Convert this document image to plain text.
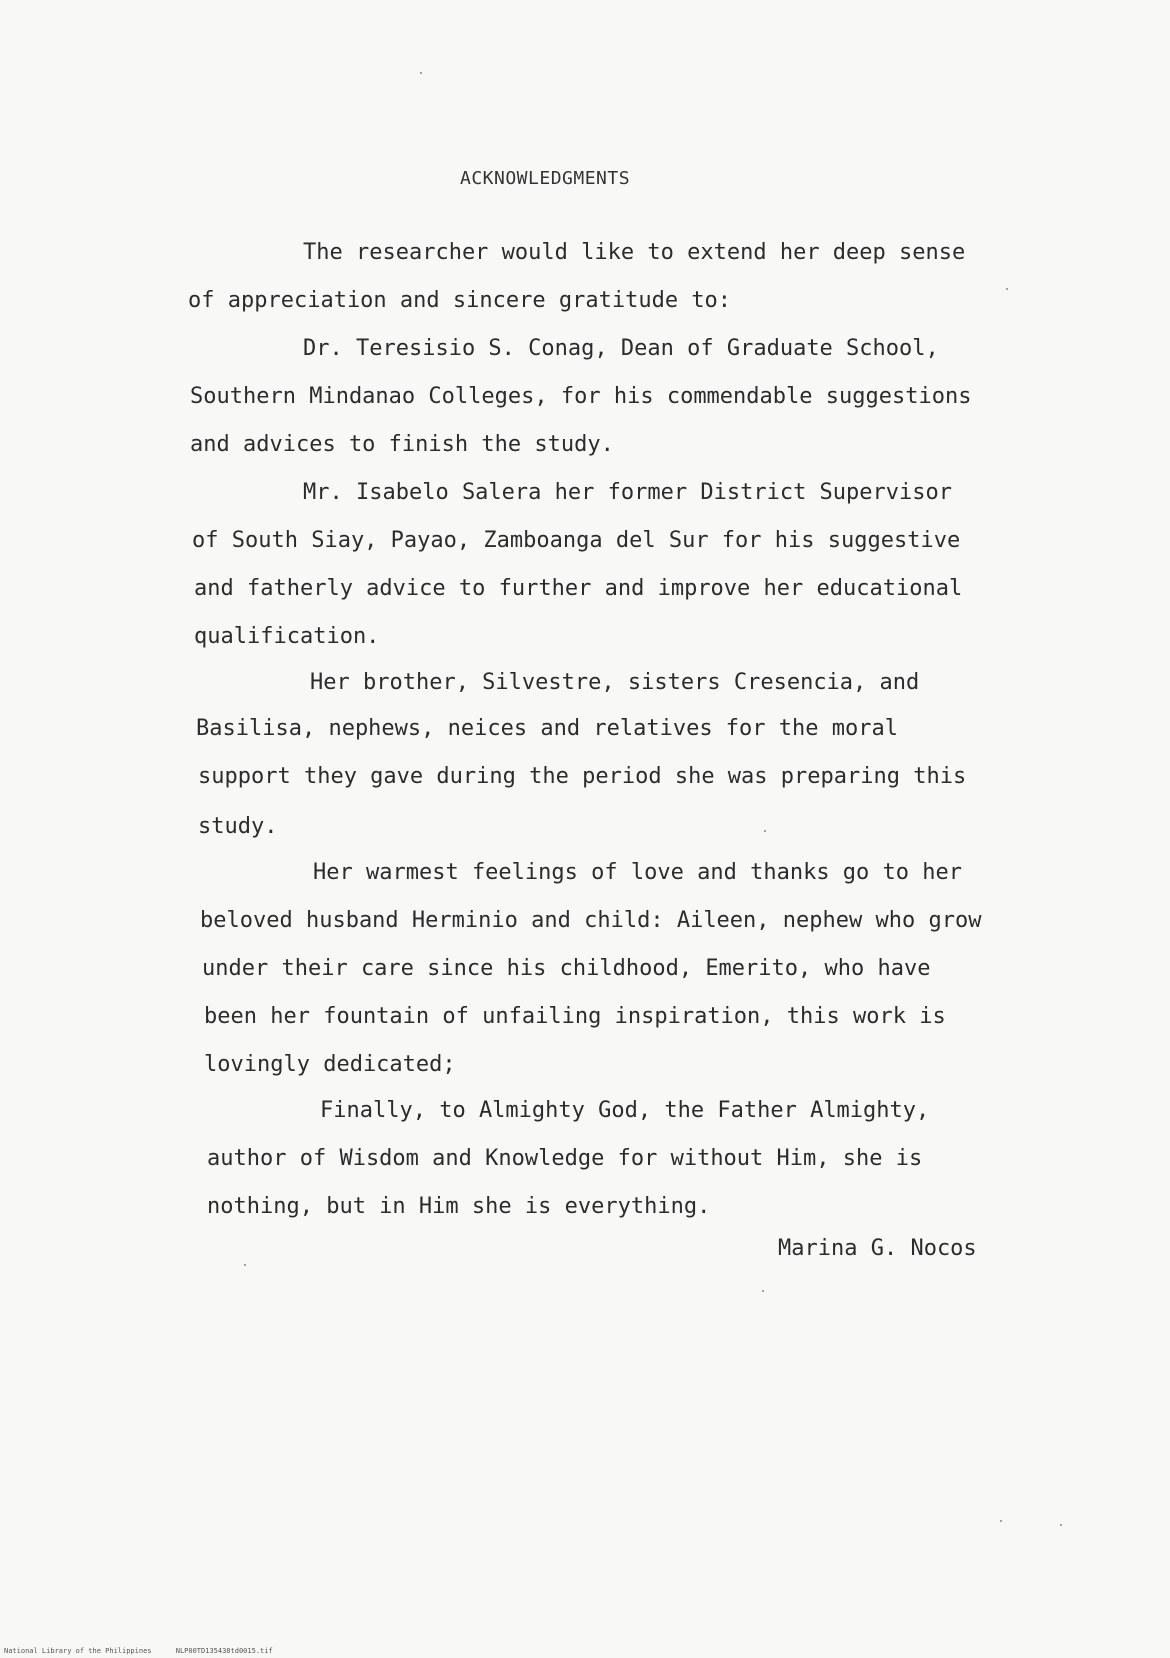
ACKNOWLEDGMENTS
The researcher would like to extend her deep sense
of appreciation and sincere gratitude to:
Dr. Teresisio S. Conag, Dean of Graduate School,
Southern Mindanao Colleges, for his commendable suggestions
and advices to finish the study.
Mr. Isabelo Salera her former District Supervisor
of South Siay, Payao, Zamboanga del Sur for his suggestive
and fatherly advice to further and improve her educational
qualification.
Her brother, Silvestre, sisters Cresencia, and
Basilisa, nephews, neices and relatives for the moral
support they gave during the period she was preparing this
study.
Her warmest feelings of love and thanks go to her
beloved husband Herminio and child: Aileen, nephew who grow
under their care since his childhood, Emerito, who have
been her fountain of unfailing inspiration, this work is
lovingly dedicated;
Finally, to Almighty God, the Father Almighty,
author of Wisdom and Knowledge for without Him, she is
nothing, but in Him she is everything.
Marina G. Nocos
National Library of the Philippines	NLP00TD135438td0015.tif
